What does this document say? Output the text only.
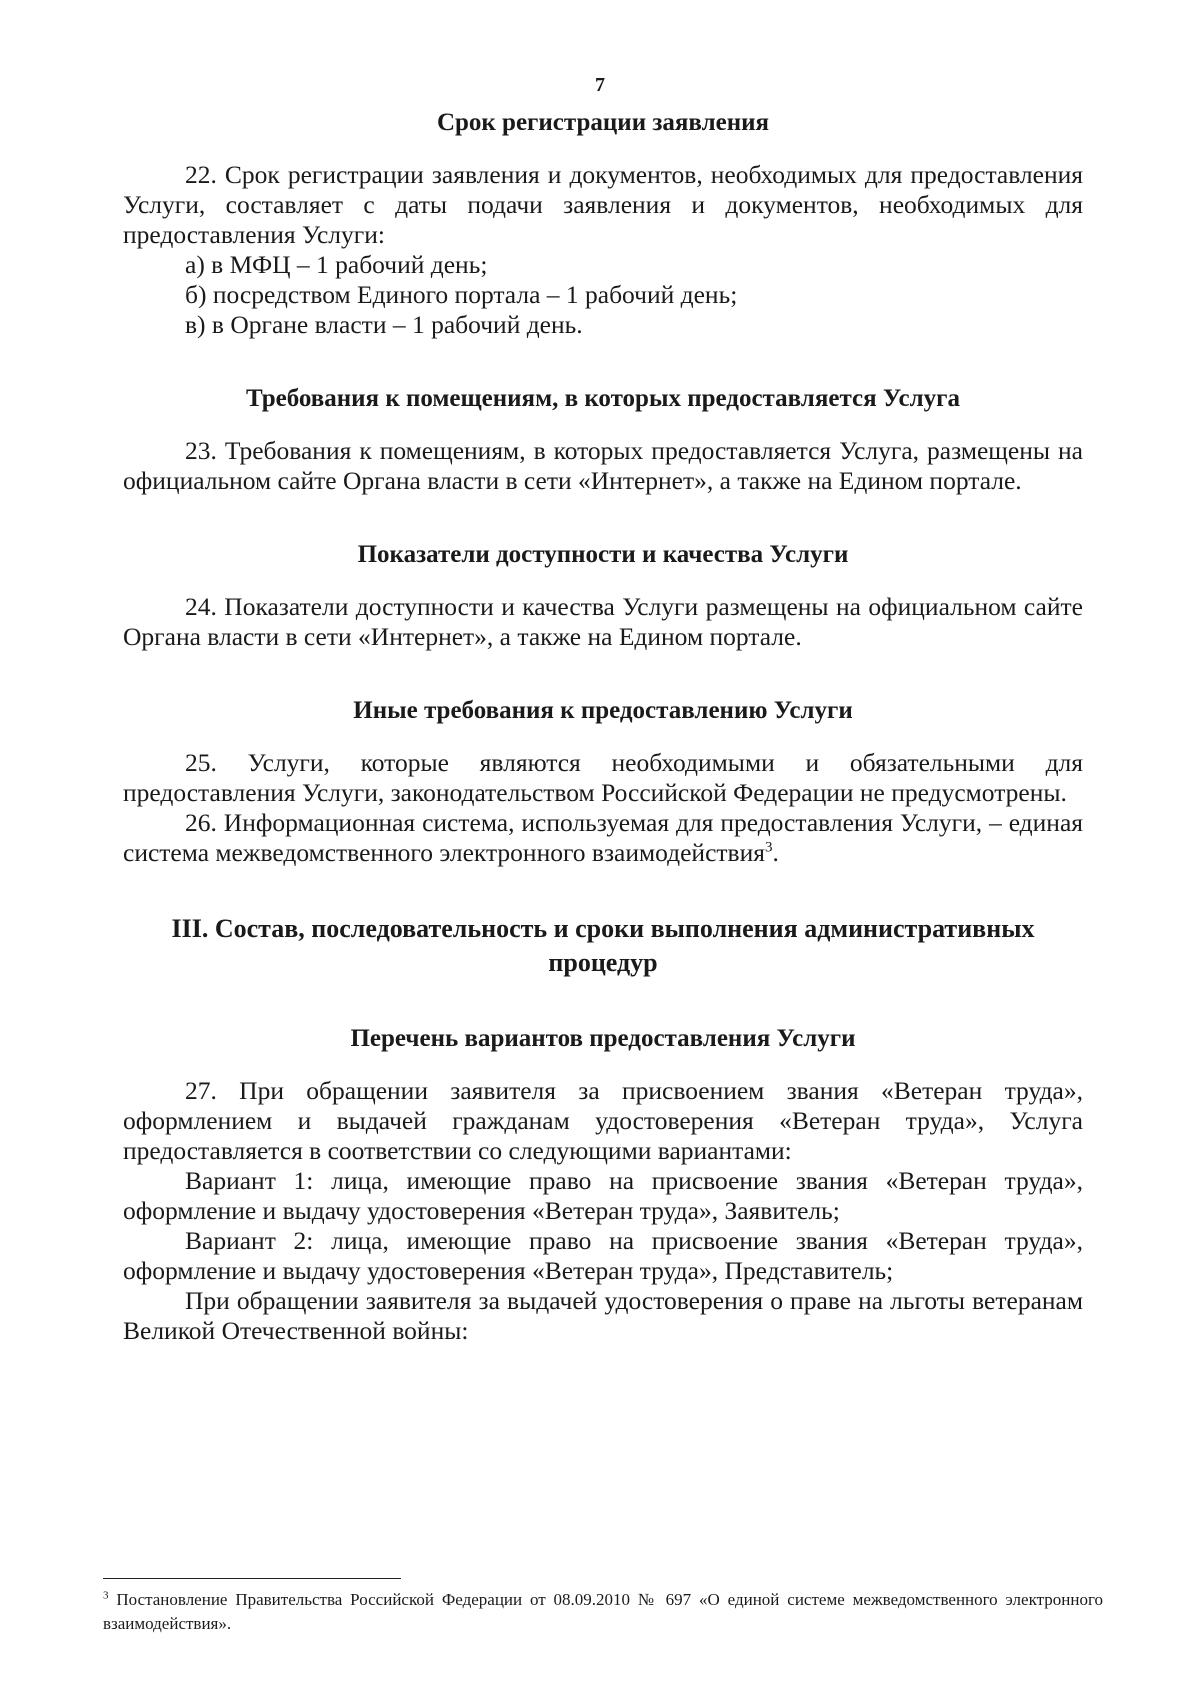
7
Срок регистрации заявления

22. Срок регистрации заявления и документов, необходимых для предоставления Услуги, составляет с даты подачи заявления и документов, необходимых для предоставления Услуги:

а) в МФЦ – 1 рабочий день;

б) посредством Единого портала – 1 рабочий день;

в) в Органе власти – 1 рабочий день.

Требования к помещениям, в которых предоставляется Услуга

23. Требования к помещениям, в которых предоставляется Услуга, размещены на официальном сайте Органа власти в сети «Интернет», а также на Едином портале.

Показатели доступности и качества Услуги

24. Показатели доступности и качества Услуги размещены на официальном сайте Органа власти в сети «Интернет», а также на Едином портале.

Иные требования к предоставлению Услуги

25. Услуги, которые являются необходимыми и обязательными для предоставления Услуги, законодательством Российской Федерации не предусмотрены.

26. Информационная система, используемая для предоставления Услуги, – единая система межведомственного электронного взаимодействия$^3$.

III. Состав, последовательность и сроки выполнения административных процедур
Перечень вариантов предоставления Услуги

27. При обращении заявителя за присвоением звания «Ветеран труда», оформлением и выдачей гражданам удостоверения «Ветеран труда», Услуга предоставляется в соответствии со следующими вариантами:

Вариант 1: лица, имеющие право на присвоение звания «Ветеран труда», оформление и выдачу удостоверения «Ветеран труда», Заявитель;

Вариант 2: лица, имеющие право на присвоение звания «Ветеран труда», оформление и выдачу удостоверения «Ветеран труда», Представитель;

При обращении заявителя за выдачей удостоверения о праве на льготы ветеранам Великой Отечественной войны:

$^3$ Постановление Правительства Российской Федерации от 08.09.2010 № 697 «О единой системе межведомственного электронного взаимодействия».
